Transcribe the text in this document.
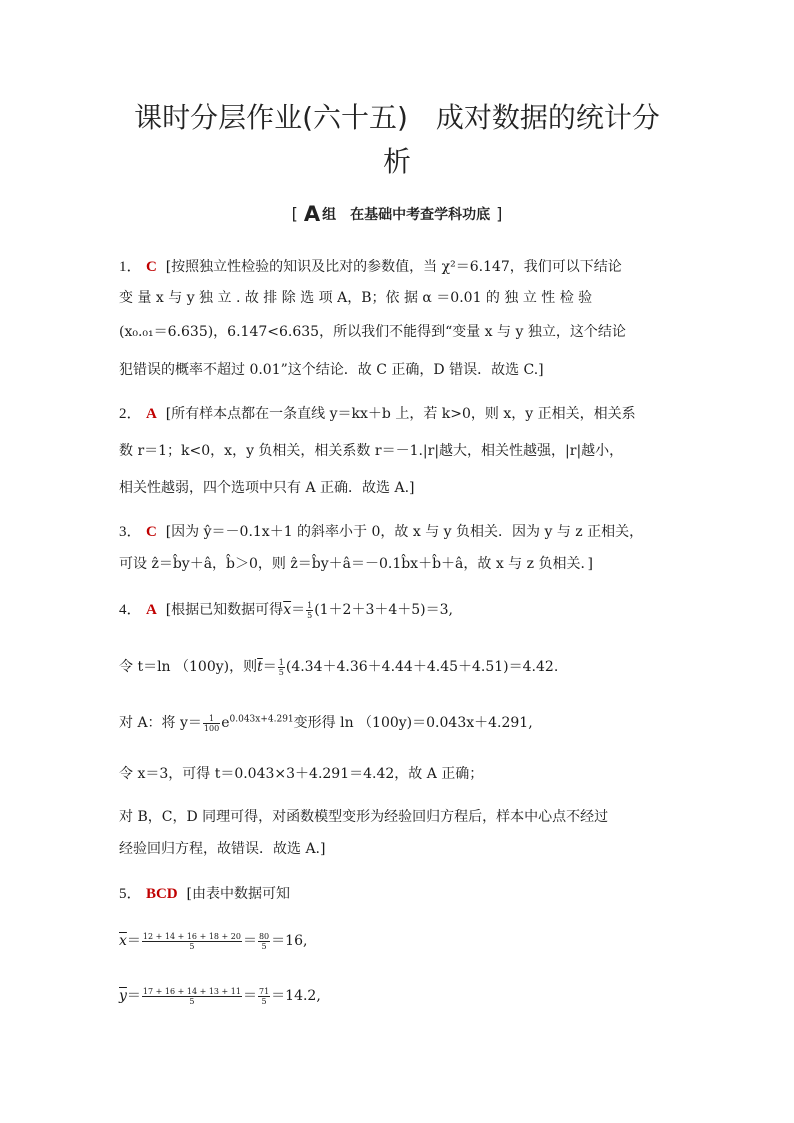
课时分层作业(六十五)　成对数据的统计分
析
[ A 组　在基础中考查学科功底 ]
1． C [按照独立性检验的知识及比对的参数值，当 χ²＝6.147，我们可以下结论
变 量 x 与 y 独 立 . 故 排 除 选 项 A，B；依 据 α ＝0.01 的 独 立 性 检 验
(x₀.₀₁＝6.635)，6.147<6.635，所以我们不能得到“变量 x 与 y 独立，这个结论
犯错误的概率不超过 0.01”这个结论．故 C 正确，D 错误．故选 C.]
2． A [所有样本点都在一条直线 y＝kx＋b 上，若 k>0，则 x，y 正相关，相关系
数 r＝1；k<0，x，y 负相关，相关系数 r＝－1.|r|越大，相关性越强，|r|越小，
相关性越弱，四个选项中只有 A 正确．故选 A.]
3． C [因为 ŷ＝－0.1x＋1 的斜率小于 0，故 x 与 y 负相关．因为 y 与 z 正相关，
可设 ẑ＝b̂y＋â，b̂＞0，则 ẑ＝b̂y＋â＝－0.1b̂x＋b̂＋â，故 x 与 z 负相关．]
4． A [根据已知数据可得$\overline{x}= \frac{1}{5} (1+2+3+4+5)=3$,
令 t＝ln （100y)，则$\overline{t}= \frac{1}{5} (4.34+4.36+4.44+4.45+4.51)=4.42$.
对 A：将 $y= \frac{1}{100} e^{0.043x+4.291}$变形得 ln （100y)＝0.043x＋4.291,
令 x＝3，可得 t＝0.043×3＋4.291＝4.42，故 A 正确；
对 B，C，D 同理可得，对函数模型变形为经验回归方程后，样本中心点不经过
经验回归方程，故错误．故选 A.]
5． BCD [由表中数据可知
$\overline{x}= \frac{12 + 14 + 16 + 18 + 20}{5} = \frac{80}{5} =16$,
$\overline{y}= \frac{17 + 16 + 14 + 13 + 11}{5} = \frac{71}{5} =14.2$,
